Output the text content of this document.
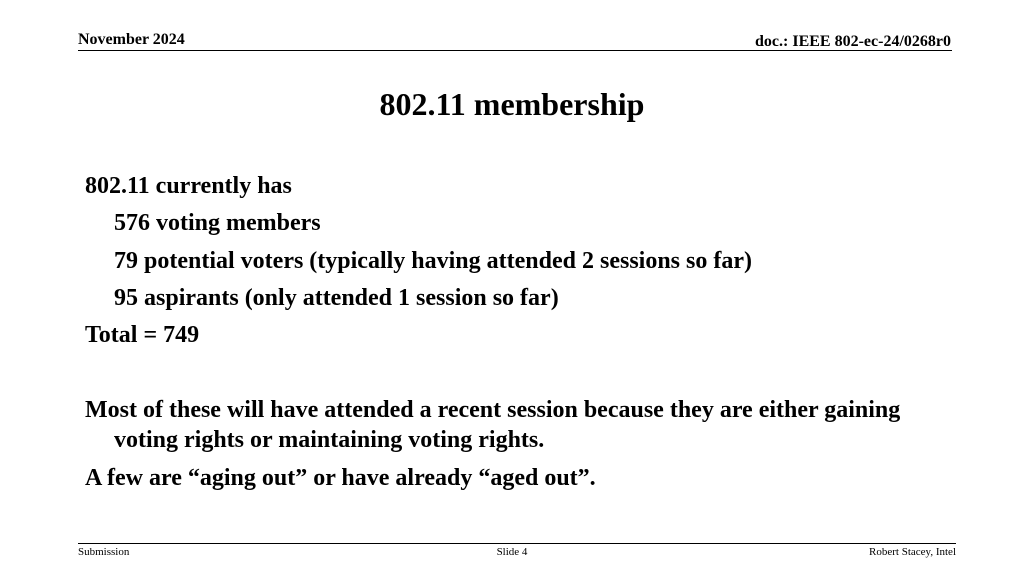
November 2024	doc.: IEEE 802-ec-24/0268r0
802.11 membership
802.11 currently has
576 voting members
79 potential voters (typically having attended 2 sessions so far)
95 aspirants (only attended 1 session so far)
Total = 749
Most of these will have attended a recent session because they are either gaining voting rights or maintaining voting rights.
A few are “aging out” or have already “aged out”.
Submission	Slide 4	Robert Stacey, Intel
